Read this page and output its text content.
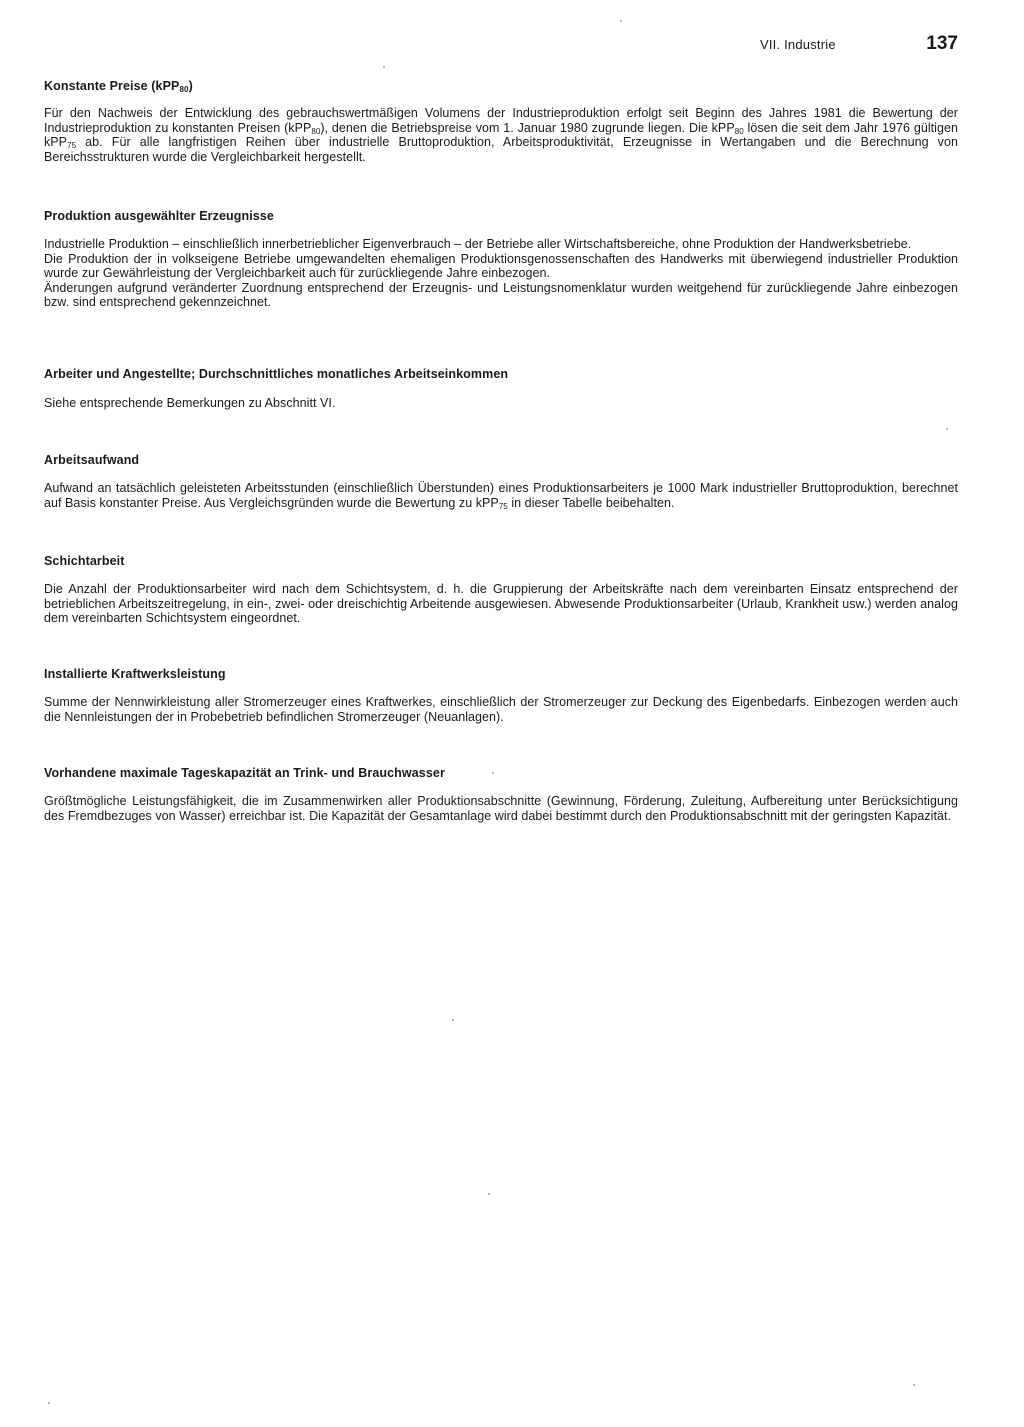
VII. Industrie	137
Konstante Preise (kPP$_{80}$)

Für den Nachweis der Entwicklung des gebrauchswertmäßigen Volumens der Industrieproduktion erfolgt seit Beginn des Jahres 1981 die Bewertung der Industrieproduktion zu konstanten Preisen (kPP$_{80}$), denen die Betriebspreise vom 1. Januar 1980 zugrunde liegen. Die kPP$_{80}$ lösen die seit dem Jahr 1976 gültigen kPP$_{75}$ ab. Für alle langfristigen Reihen über industrielle Bruttoproduktion, Arbeitsproduktivität, Erzeugnisse in Wertangaben und die Berechnung von Bereichsstrukturen wurde die Vergleichbarkeit hergestellt.

Produktion ausgewählter Erzeugnisse

Industrielle Produktion – einschließlich innerbetrieblicher Eigenverbrauch – der Betriebe aller Wirtschaftsbereiche, ohne Produktion der Handwerksbetriebe.

Die Produktion der in volkseigene Betriebe umgewandelten ehemaligen Produktionsgenossenschaften des Handwerks mit überwiegend industrieller Produktion wurde zur Gewährleistung der Vergleichbarkeit auch für zurückliegende Jahre einbezogen.

Änderungen aufgrund veränderter Zuordnung entsprechend der Erzeugnis- und Leistungsnomenklatur wurden weitgehend für zurückliegende Jahre einbezogen bzw. sind entsprechend gekennzeichnet.

Arbeiter und Angestellte; Durchschnittliches monatliches Arbeitseinkommen

Siehe entsprechende Bemerkungen zu Abschnitt VI.

Arbeitsaufwand

Aufwand an tatsächlich geleisteten Arbeitsstunden (einschließlich Überstunden) eines Produktionsarbeiters je 1000 Mark industrieller Bruttoproduktion, berechnet auf Basis konstanter Preise. Aus Vergleichsgründen wurde die Bewertung zu kPP$_{75}$ in dieser Tabelle beibehalten.

Schichtarbeit

Die Anzahl der Produktionsarbeiter wird nach dem Schichtsystem, d. h. die Gruppierung der Arbeitskräfte nach dem vereinbarten Einsatz entsprechend der betrieblichen Arbeitszeitregelung, in ein-, zwei- oder dreischichtig Arbeitende ausgewiesen. Abwesende Produktionsarbeiter (Urlaub, Krankheit usw.) werden analog dem vereinbarten Schichtsystem eingeordnet.

Installierte Kraftwerksleistung

Summe der Nennwirkleistung aller Stromerzeuger eines Kraftwerkes, einschließlich der Stromerzeuger zur Deckung des Eigenbedarfs. Einbezogen werden auch die Nennleistungen der in Probebetrieb befindlichen Stromerzeuger (Neuanlagen).

Vorhandene maximale Tageskapazität an Trink- und Brauchwasser

Größtmögliche Leistungsfähigkeit, die im Zusammenwirken aller Produktionsabschnitte (Gewinnung, Förderung, Zuleitung, Aufbereitung unter Berücksichtigung des Fremdbezuges von Wasser) erreichbar ist. Die Kapazität der Gesamtanlage wird dabei bestimmt durch den Produktionsabschnitt mit der geringsten Kapazität.
